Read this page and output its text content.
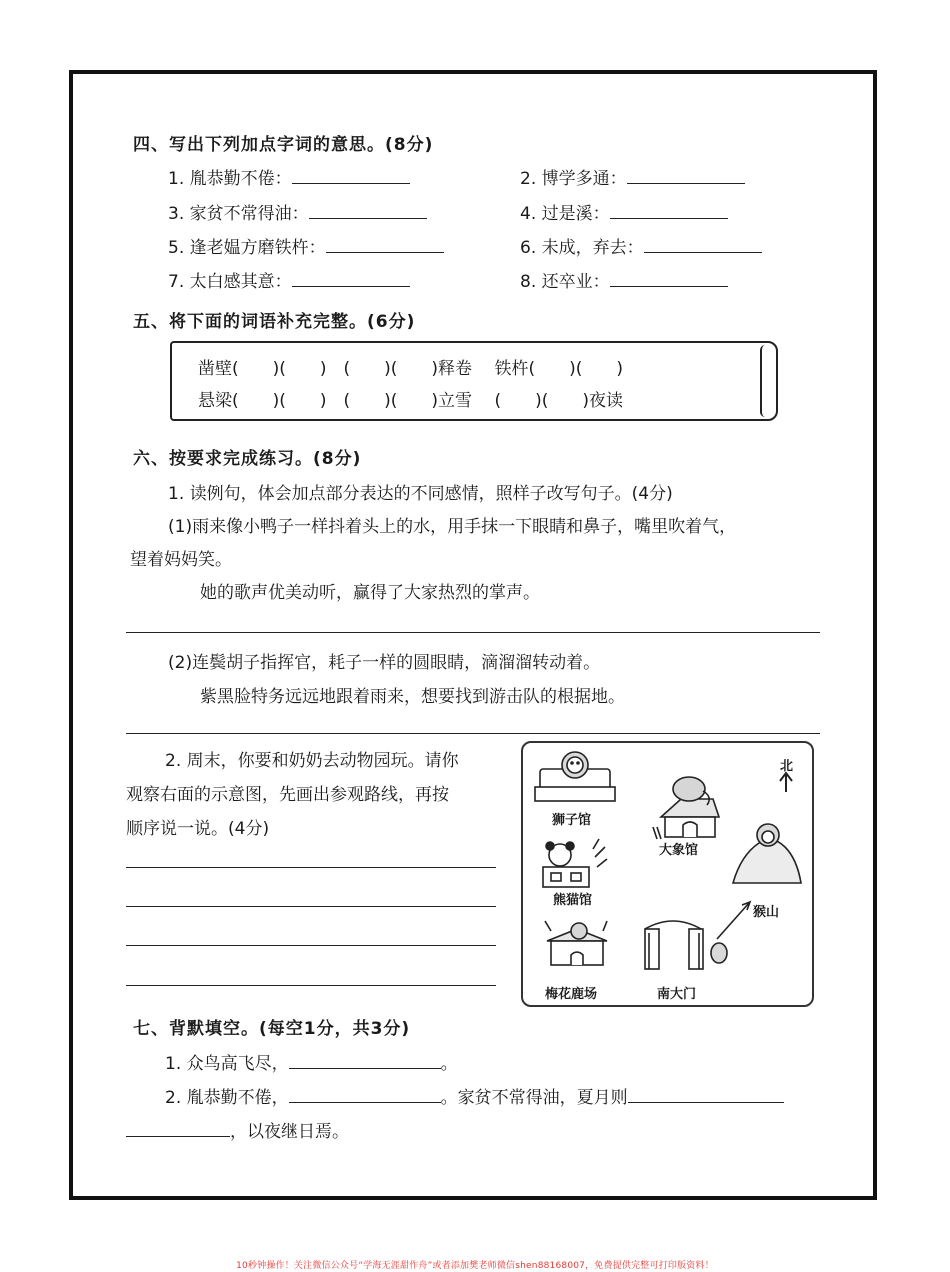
四、写出下列加点字词的意思。(8分)
1. 胤恭勤不倦：	2. 博学多通：
3. 家贫不常得油：	4. 过是溪：
5. 逢老媪方磨铁杵：	6. 未成，弃去：
7. 太白感其意：	8. 还卒业：
五、将下面的词语补充完整。(6分)
凿壁(　　)(　　)　(　　)(　　)释卷　 铁杵(　　)(　　)
悬梁(　　)(　　)　(　　)(　　)立雪　 (　　)(　　)夜读
六、按要求完成练习。(8分)
1. 读例句，体会加点部分表达的不同感情，照样子改写句子。(4分)
(1)雨来像小鸭子一样抖着头上的水，用手抹一下眼睛和鼻子，嘴里吹着气，
望着妈妈笑。
她的歌声优美动听，赢得了大家热烈的掌声。
(2)连鬓胡子指挥官，耗子一样的圆眼睛，滴溜溜转动着。
紫黑脸特务远远地跟着雨来，想要找到游击队的根据地。
2. 周末，你要和奶奶去动物园玩。请你
观察右面的示意图，先画出参观路线，再按
顺序说一说。(4分)	狮子馆
北
大象馆
熊猫馆
猴山
梅花鹿场	南大门
七、背默填空。(每空1分，共3分)
1. 众鸟高飞尽，	。
2. 胤恭勤不倦，	。家贫不常得油，夏月则
，以夜继日焉。
10秒钟操作！关注微信公众号“学海无涯甜作舟”或者添加樊老师微信shen88168007，免费提供完整可打印版资料！
